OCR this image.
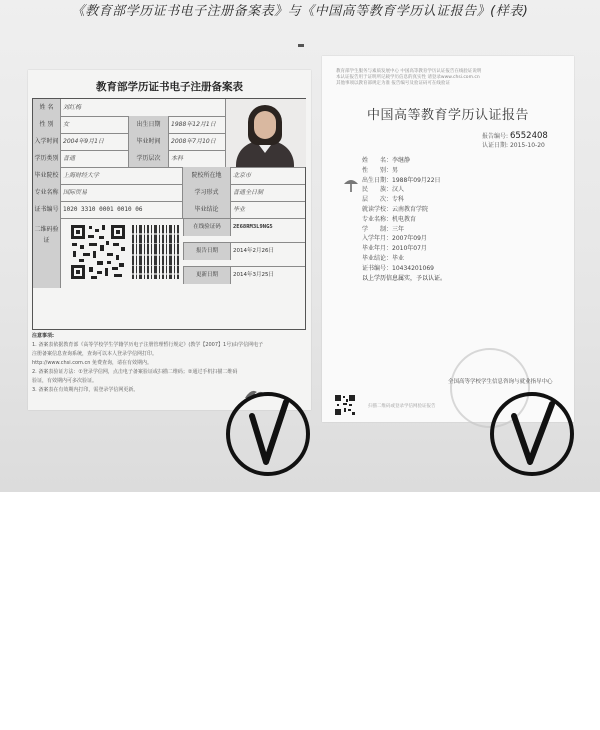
《教育部学历证书电子注册备案表》与《中国高等教育学历认证报告》(样表)
教育部学历证书电子注册备案表
姓 名	刘红梅
性 别	女	出生日期	1988年12月1日
入学时间 2004年9月1日	毕业时间	2008年7月10日
学历类别 普通	学历层次	本科
毕业院校 上海财经大学	院校所在地	北京市
专业名称 国际贸易	学习形式	普通全日制
证书编号 1020 3310 0001 0010 06	毕业结论	毕业
二维码验证
在线验证码	2E68RM3L9NG5
报告日期	2014年2月26日
更新日期	2014年3月25日
注意事项:
1. 备案表依据教育部《高等学校学生学籍学历电子注册管理暂行规定》(教学【2007】1号)由学信网电子
注册备案信息查询系统，查询可以本人登录学信网打印。
http://www.chsi.com.cn 免费查询，请在有效期内。
2. 备案表验证方法：①登录学信网，点击电子备案验证或扫描二维码；②通过手机扫描二维码
验证，有效期内可多次验证。
3. 备案表在有效期内打印，需登录学信网更新。
教育部学生服务与素质发展中心 中国高等教育学历认证报告在线验证说明
本认证报告用于证明所记载学历信息的真实性 请登录www.chsi.com.cn
其他事项以教育部规定为准 报告编号及验证码可在线验证
中国高等教育学历认证报告
报告编号: 6552408
认证日期: 2015-10-20
姓　　名：李继静
性　　别：男
出生日期：1988年09月22日
民　　族：汉人
层　　次：专科
就读学校：云南教育学院
专业名称：机电教育
学　　制：三年
入学年月：2007年09月
毕业年月：2010年07月
毕业结论：毕业
证书编号：10434201069
以上学历信息属实，予以认证。
扫描二维码或登录学信网验证报告
全国高等学校学生信息咨询与就业指导中心
